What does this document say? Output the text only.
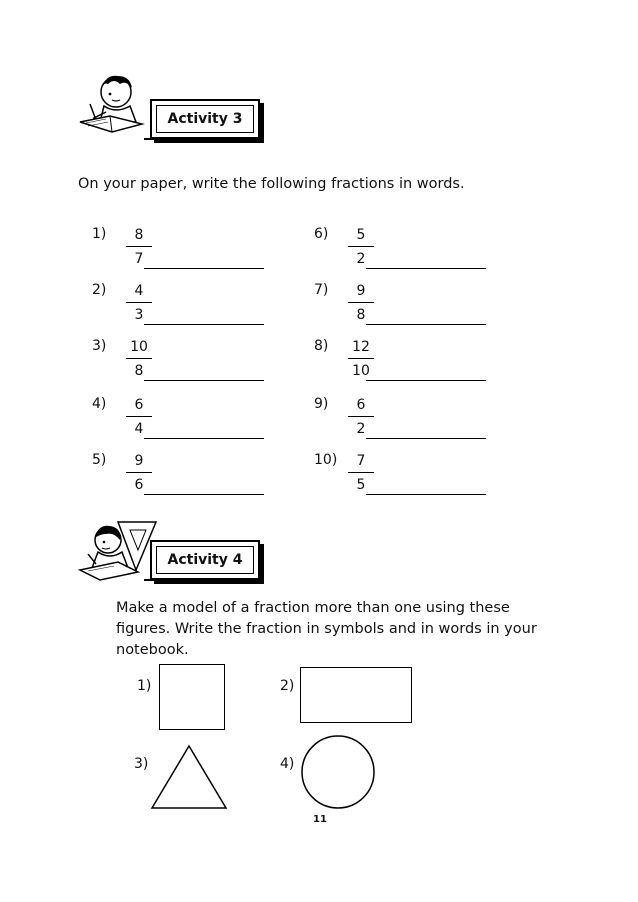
Activity 3
On your paper, write the following fractions in words.
1)	8
7
2)	4
3
3)	10
8
4)	6
4
5)	9
6
6)	5
2
7)	9
8
8)	12
10
9)	6
2
10)	7
5
Activity 4
Make a model of a fraction more than one using these
figures. Write the fraction in symbols and in words in your
notebook.
1)	2)
3)	4)
11
